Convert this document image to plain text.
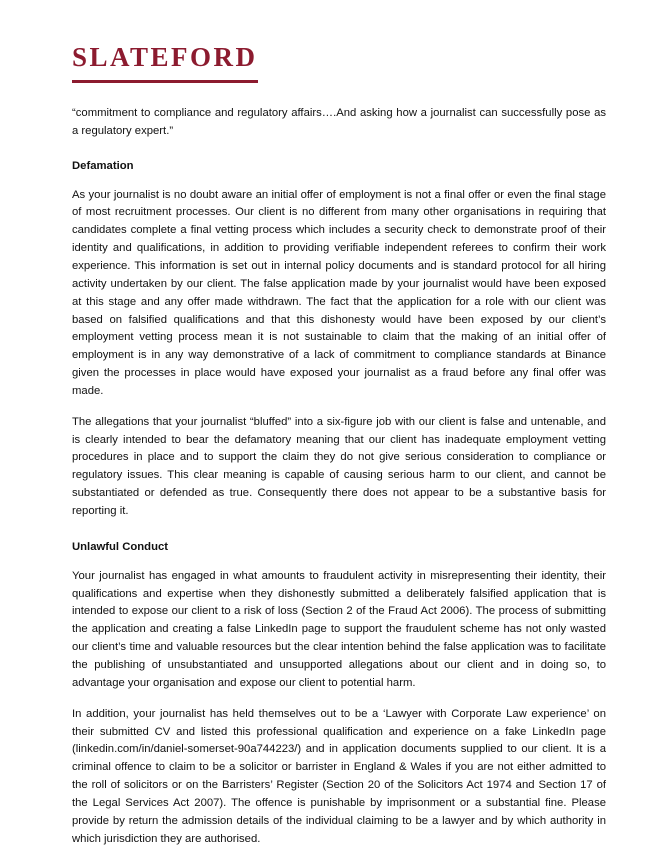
SLATEFORD

“commitment to compliance and regulatory affairs….And asking how a journalist can successfully pose as a regulatory expert.”

Defamation

As your journalist is no doubt aware an initial offer of employment is not a final offer or even the final stage of most recruitment processes. Our client is no different from many other organisations in requiring that candidates complete a final vetting process which includes a security check to demonstrate proof of their identity and qualifications, in addition to providing verifiable independent referees to confirm their work experience. This information is set out in internal policy documents and is standard protocol for all hiring activity undertaken by our client. The false application made by your journalist would have been exposed at this stage and any offer made withdrawn. The fact that the application for a role with our client was based on falsified qualifications and that this dishonesty would have been exposed by our client’s employment vetting process mean it is not sustainable to claim that the making of an initial offer of employment is in any way demonstrative of a lack of commitment to compliance standards at Binance given the processes in place would have exposed your journalist as a fraud before any final offer was made.

The allegations that your journalist “bluffed” into a six-figure job with our client is false and untenable, and is clearly intended to bear the defamatory meaning that our client has inadequate employment vetting procedures in place and to support the claim they do not give serious consideration to compliance or regulatory issues. This clear meaning is capable of causing serious harm to our client, and cannot be substantiated or defended as true. Consequently there does not appear to be a substantive basis for reporting it.

Unlawful Conduct

Your journalist has engaged in what amounts to fraudulent activity in misrepresenting their identity, their qualifications and expertise when they dishonestly submitted a deliberately falsified application that is intended to expose our client to a risk of loss (Section 2 of the Fraud Act 2006). The process of submitting the application and creating a false LinkedIn page to support the fraudulent scheme has not only wasted our client’s time and valuable resources but the clear intention behind the false application was to facilitate the publishing of unsubstantiated and unsupported allegations about our client and in doing so, to advantage your organisation and expose our client to potential harm.

In addition, your journalist has held themselves out to be a ‘Lawyer with Corporate Law experience’ on their submitted CV and listed this professional qualification and experience on a fake LinkedIn page (linkedin.com/in/daniel-somerset-90a744223/) and in application documents supplied to our client. It is a criminal offence to claim to be a solicitor or barrister in England & Wales if you are not either admitted to the roll of solicitors or on the Barristers’ Register (Section 20 of the Solicitors Act 1974 and Section 17 of the Legal Services Act 2007). The offence is punishable by imprisonment or a substantial fine. Please provide by return the admission details of the individual claiming to be a lawyer and by which authority in which jurisdiction they are authorised.
